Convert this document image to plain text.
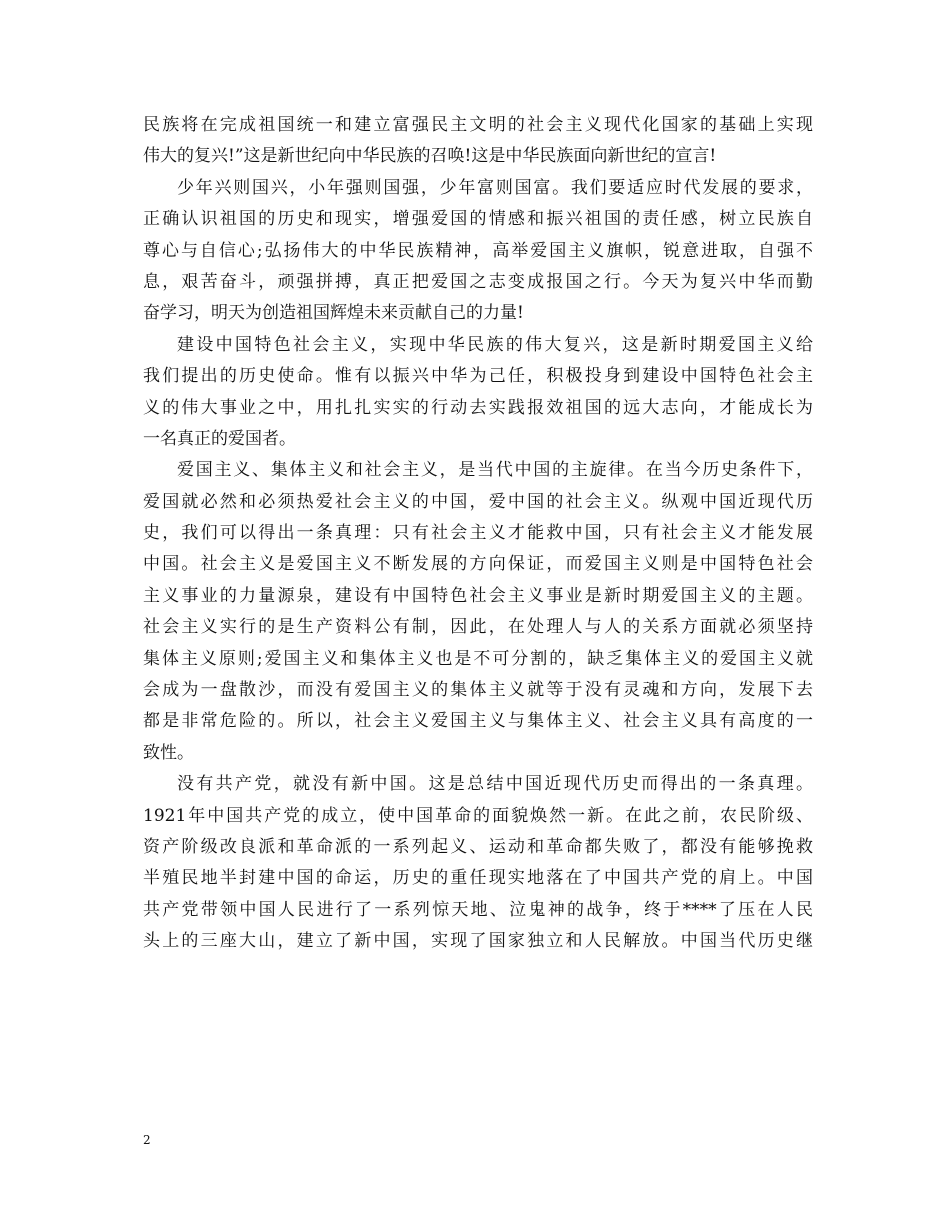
民族将在完成祖国统一和建立富强民主文明的社会主义现代化国家的基础上实现
伟大的复兴!”这是新世纪向中华民族的召唤!这是中华民族面向新世纪的宣言!
少年兴则国兴，小年强则国强，少年富则国富。我们要适应时代发展的要求，
正确认识祖国的历史和现实，增强爱国的情感和振兴祖国的责任感，树立民族自
尊心与自信心;弘扬伟大的中华民族精神，高举爱国主义旗帜，锐意进取，自强不
息，艰苦奋斗，顽强拼搏，真正把爱国之志变成报国之行。今天为复兴中华而勤
奋学习，明天为创造祖国辉煌未来贡献自己的力量!
建设中国特色社会主义，实现中华民族的伟大复兴，这是新时期爱国主义给
我们提出的历史使命。惟有以振兴中华为己任，积极投身到建设中国特色社会主
义的伟大事业之中，用扎扎实实的行动去实践报效祖国的远大志向，才能成长为
一名真正的爱国者。
爱国主义、集体主义和社会主义，是当代中国的主旋律。在当今历史条件下，
爱国就必然和必须热爱社会主义的中国，爱中国的社会主义。纵观中国近现代历
史，我们可以得出一条真理：只有社会主义才能救中国，只有社会主义才能发展
中国。社会主义是爱国主义不断发展的方向保证，而爱国主义则是中国特色社会
主义事业的力量源泉，建设有中国特色社会主义事业是新时期爱国主义的主题。
社会主义实行的是生产资料公有制，因此，在处理人与人的关系方面就必须坚持
集体主义原则;爱国主义和集体主义也是不可分割的，缺乏集体主义的爱国主义就
会成为一盘散沙，而没有爱国主义的集体主义就等于没有灵魂和方向，发展下去
都是非常危险的。所以，社会主义爱国主义与集体主义、社会主义具有高度的一
致性。
没有共产党，就没有新中国。这是总结中国近现代历史而得出的一条真理。
1921年中国共产党的成立，使中国革命的面貌焕然一新。在此之前，农民阶级、
资产阶级改良派和革命派的一系列起义、运动和革命都失败了，都没有能够挽救
半殖民地半封建中国的命运，历史的重任现实地落在了中国共产党的肩上。中国
共产党带领中国人民进行了一系列惊天地、泣鬼神的战争，终于****了压在人民
头上的三座大山，建立了新中国，实现了国家独立和人民解放。中国当代历史继
2
